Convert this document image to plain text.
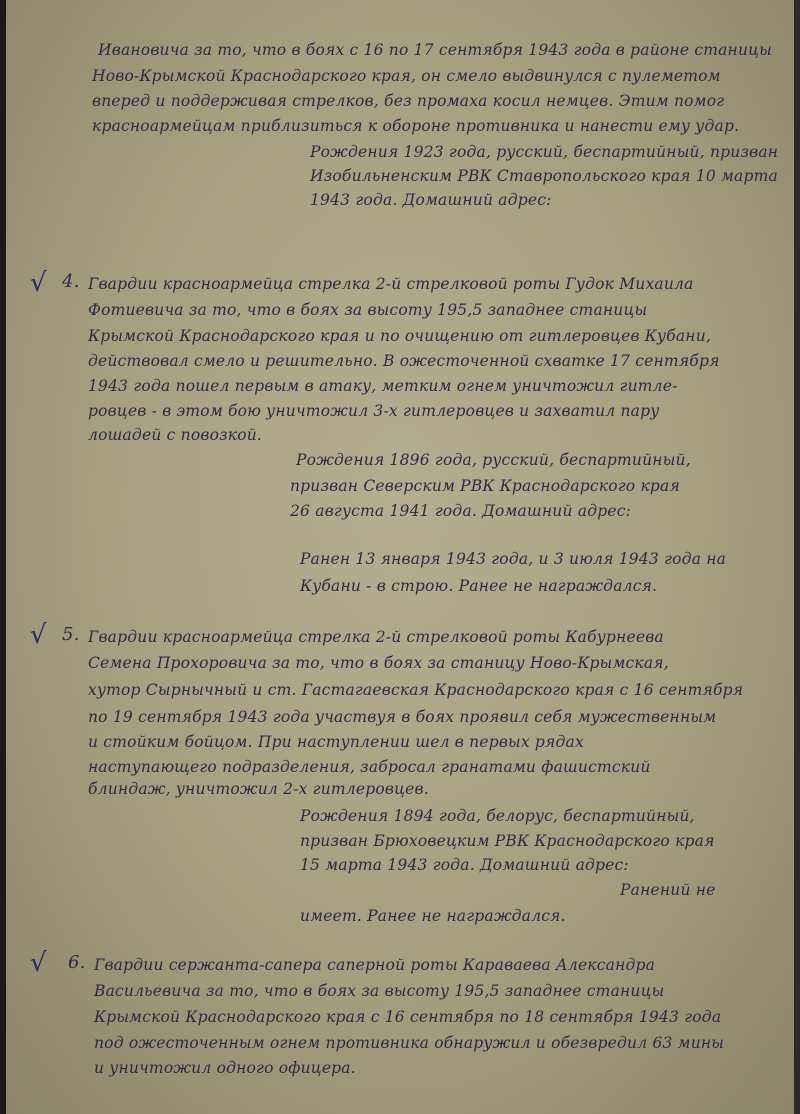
Ивановича за то, что в боях с 16 по 17 сентября 1943 года в районе станицы
Ново-Крымской Краснодарского края, он смело выдвинулся с пулеметом
вперед и поддерживая стрелков, без промаха косил немцев. Этим помог
красноармейцам приблизиться к обороне противника и нанести ему удар.
Рождения 1923 года, русский, беспартийный, призван
Изобильненским РВК Ставропольского края 10 марта
1943 года. Домашний адрес:
√ 4. Гвардии красноармейца стрелка 2-й стрелковой роты Гудок Михаила
Фотиевича за то, что в боях за высоту 195,5 западнее станицы
Крымской Краснодарского края и по очищению от гитлеровцев Кубани,
действовал смело и решительно. В ожесточенной схватке 17 сентября
1943 года пошел первым в атаку, метким огнем уничтожил гитле-
ровцев - в этом бою уничтожил 3-х гитлеровцев и захватил пару
лошадей с повозкой.
Рождения 1896 года, русский, беспартийный,
призван Северским РВК Краснодарского края
26 августа 1941 года. Домашний адрес:
Ранен 13 января 1943 года, и 3 июля 1943 года на
Кубани - в строю. Ранее не награждался.
√ 5. Гвардии красноармейца стрелка 2-й стрелковой роты Кабурнеева
Семена Прохоровича за то, что в боях за станицу Ново-Крымская,
хутор Сырнычный и ст. Гастагаевская Краснодарского края с 16 сентября
по 19 сентября 1943 года участвуя в боях проявил себя мужественным
и стойким бойцом. При наступлении шел в первых рядах
наступающего подразделения, забросал гранатами фашистский
блиндаж, уничтожил 2-х гитлеровцев.
Рождения 1894 года, белорус, беспартийный,
призван Брюховецким РВК Краснодарского края
15 марта 1943 года. Домашний адрес:
Ранений не
имеет. Ранее не награждался.
√ 6. Гвардии сержанта-сапера саперной роты Караваева Александра
Васильевича за то, что в боях за высоту 195,5 западнее станицы
Крымской Краснодарского края с 16 сентября по 18 сентября 1943 года
под ожесточенным огнем противника обнаружил и обезвредил 63 мины
и уничтожил одного офицера.
